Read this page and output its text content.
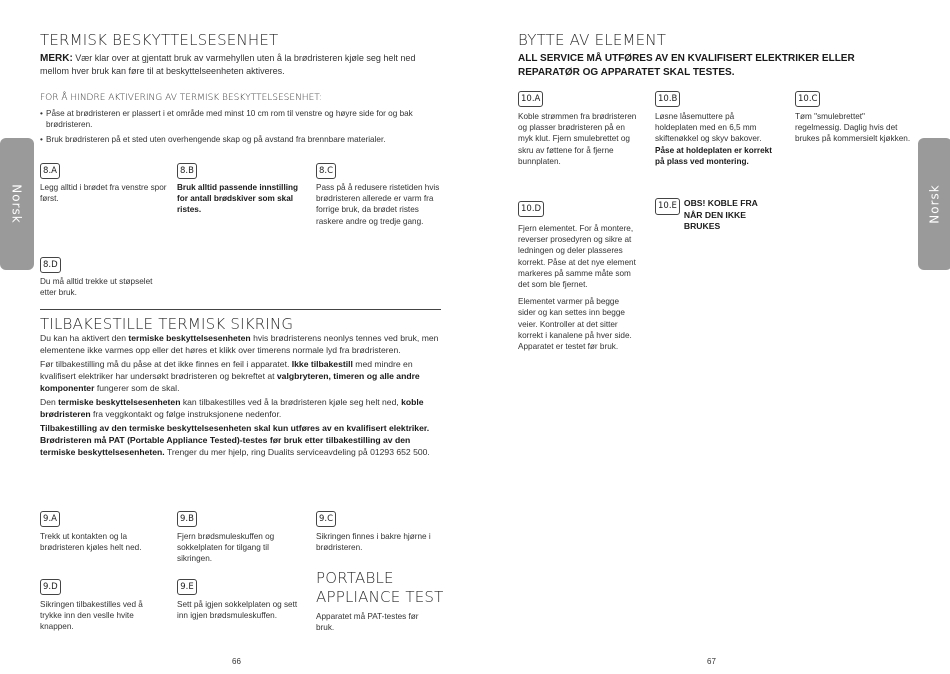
Norsk	Norsk
TERMISK BESKYTTELSESENHET

MERK: Vær klar over at gjentatt bruk av varmehyllen uten å la brødristeren kjøle seg helt ned mellom hver bruk kan føre til at beskyttelseenheten aktiveres.

FOR Å HINDRE AKTIVERING AV TERMISK BESKYTTELSESENHET:

• Påse at brødristeren er plassert i et område med minst 10 cm rom til venstre og høyre side for og bak brødristeren.
• Bruk brødristeren på et sted uten overhengende skap og på avstand fra brennbare materialer.
8.A

Legg alltid i brødet fra venstre spor først.

8.B

Bruk alltid passende innstilling for antall brødskiver som skal ristes.

8.C

Pass på å redusere ristetiden hvis brødristeren allerede er varm fra forrige bruk, da brødet ristes raskere andre og tredje gang.

8.D

Du må alltid trekke ut støpselet etter bruk.

TILBAKESTILLE TERMISK SIKRING

Du kan ha aktivert den termiske beskyttelsesenheten hvis brødristerens neonlys tennes ved bruk, men elementene ikke varmes opp eller det høres et klikk over timerens normale lyd fra brødristeren.

Før tilbakestilling må du påse at det ikke finnes en feil i apparatet. Ikke tilbakestill med mindre en kvalifisert elektriker har undersøkt brødristeren og bekreftet at valgbryteren, timeren og alle andre komponenter fungerer som de skal.

Den termiske beskyttelsesenheten kan tilbakestilles ved å la brødristeren kjøle seg helt ned, koble brødristeren fra veggkontakt og følge instruksjonene nedenfor.

Tilbakestilling av den termiske beskyttelsesenheten skal kun utføres av en kvalifisert elektriker. Brødristeren må PAT (Portable Appliance Tested)-testes før bruk etter tilbakestilling av den termiske beskyttelsesenheten. Trenger du mer hjelp, ring Dualits serviceavdeling på 01293 652 500.

9.A

Trekk ut kontakten og la brødristeren kjøles helt ned.

9.B

Fjern brødsmuleskuffen og sokkelplaten for tilgang til sikringen.

9.C

Sikringen finnes i bakre hjørne i brødristeren.

9.D

Sikringen tilbakestilles ved å trykke inn den veslle hvite knappen.

9.E

Sett på igjen sokkelplaten og sett inn igjen brødsmuleskuffen.

PORTABLE APPLIANCE TEST

Apparatet må PAT-testes før bruk.

66
BYTTE AV ELEMENT

ALL SERVICE MÅ UTFØRES AV EN KVALIFISERT ELEKTRIKER ELLER REPARATØR OG APPARATET SKAL TESTES.

10.A

Koble strømmen fra brødristeren og plasser brødristeren på en myk klut. Fjern smulebrettet og skru av føttene for å fjerne bunnplaten.

10.B

Løsne låsemuttere på holdeplaten med en 6,5 mm skiftenøkkel og skyv bakover. Påse at holdeplaten er korrekt på plass ved montering.

10.C

Tøm "smulebrettet" regelmessig. Daglig hvis det brukes på kommersielt kjøkken.

10.D

Fjern elementet. For å montere, reverser prosedyren og sikre at ledningen og deler plasseres korrekt. Påse at det nye element markeres på samme måte som det som ble fjernet.

Elementet varmer på begge sider og kan settes inn begge veier. Kontroller at det sitter korrekt i kanalene på hver side. Apparatet er testet før bruk.

10.E OBS! KOBLE FRA NÅR DEN IKKE BRUKES

67
